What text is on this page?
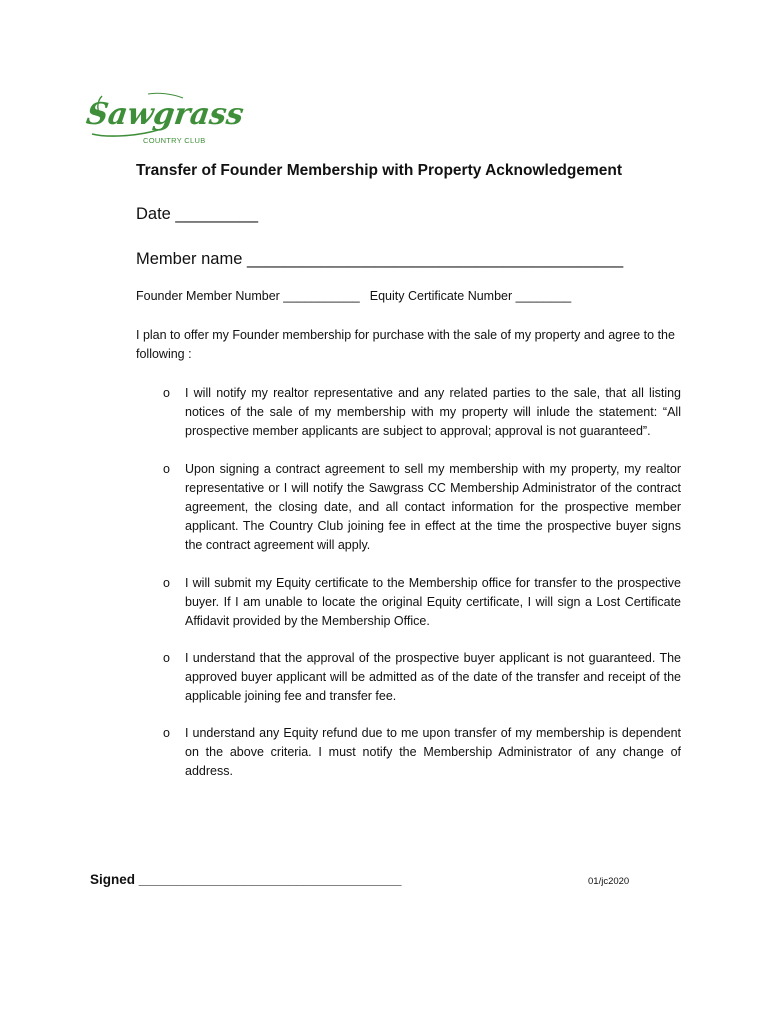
Sawgrass
COUNTRY CLUB
Transfer of Founder Membership with Property Acknowledgement
Date _________
Member name _________________________________________
Founder Member Number ___________ Equity Certificate Number ________
I plan to offer my Founder membership for purchase with the sale of my property and agree to the following :
o I will notify my realtor representative and any related parties to the sale, that all listing notices of the sale of my membership with my property will inlude the statement: “All prospective member applicants are subject to approval; approval is not guaranteed”.
o Upon signing a contract agreement to sell my membership with my property, my realtor representative or I will notify the Sawgrass CC Membership Administrator of the contract agreement, the closing date, and all contact information for the prospective member applicant. The Country Club joining fee in effect at the time the prospective buyer signs the contract agreement will apply.
o I will submit my Equity certificate to the Membership office for transfer to the prospective buyer. If I am unable to locate the original Equity certificate, I will sign a Lost Certificate Affidavit provided by the Membership Office.
o I understand that the approval of the prospective buyer applicant is not guaranteed. The approved buyer applicant will be admitted as of the date of the transfer and receipt of the applicable joining fee and transfer fee.
o I understand any Equity refund due to me upon transfer of my membership is dependent on the above criteria. I must notify the Membership Administrator of any change of address.
Signed ___________________________________	01/jc2020
